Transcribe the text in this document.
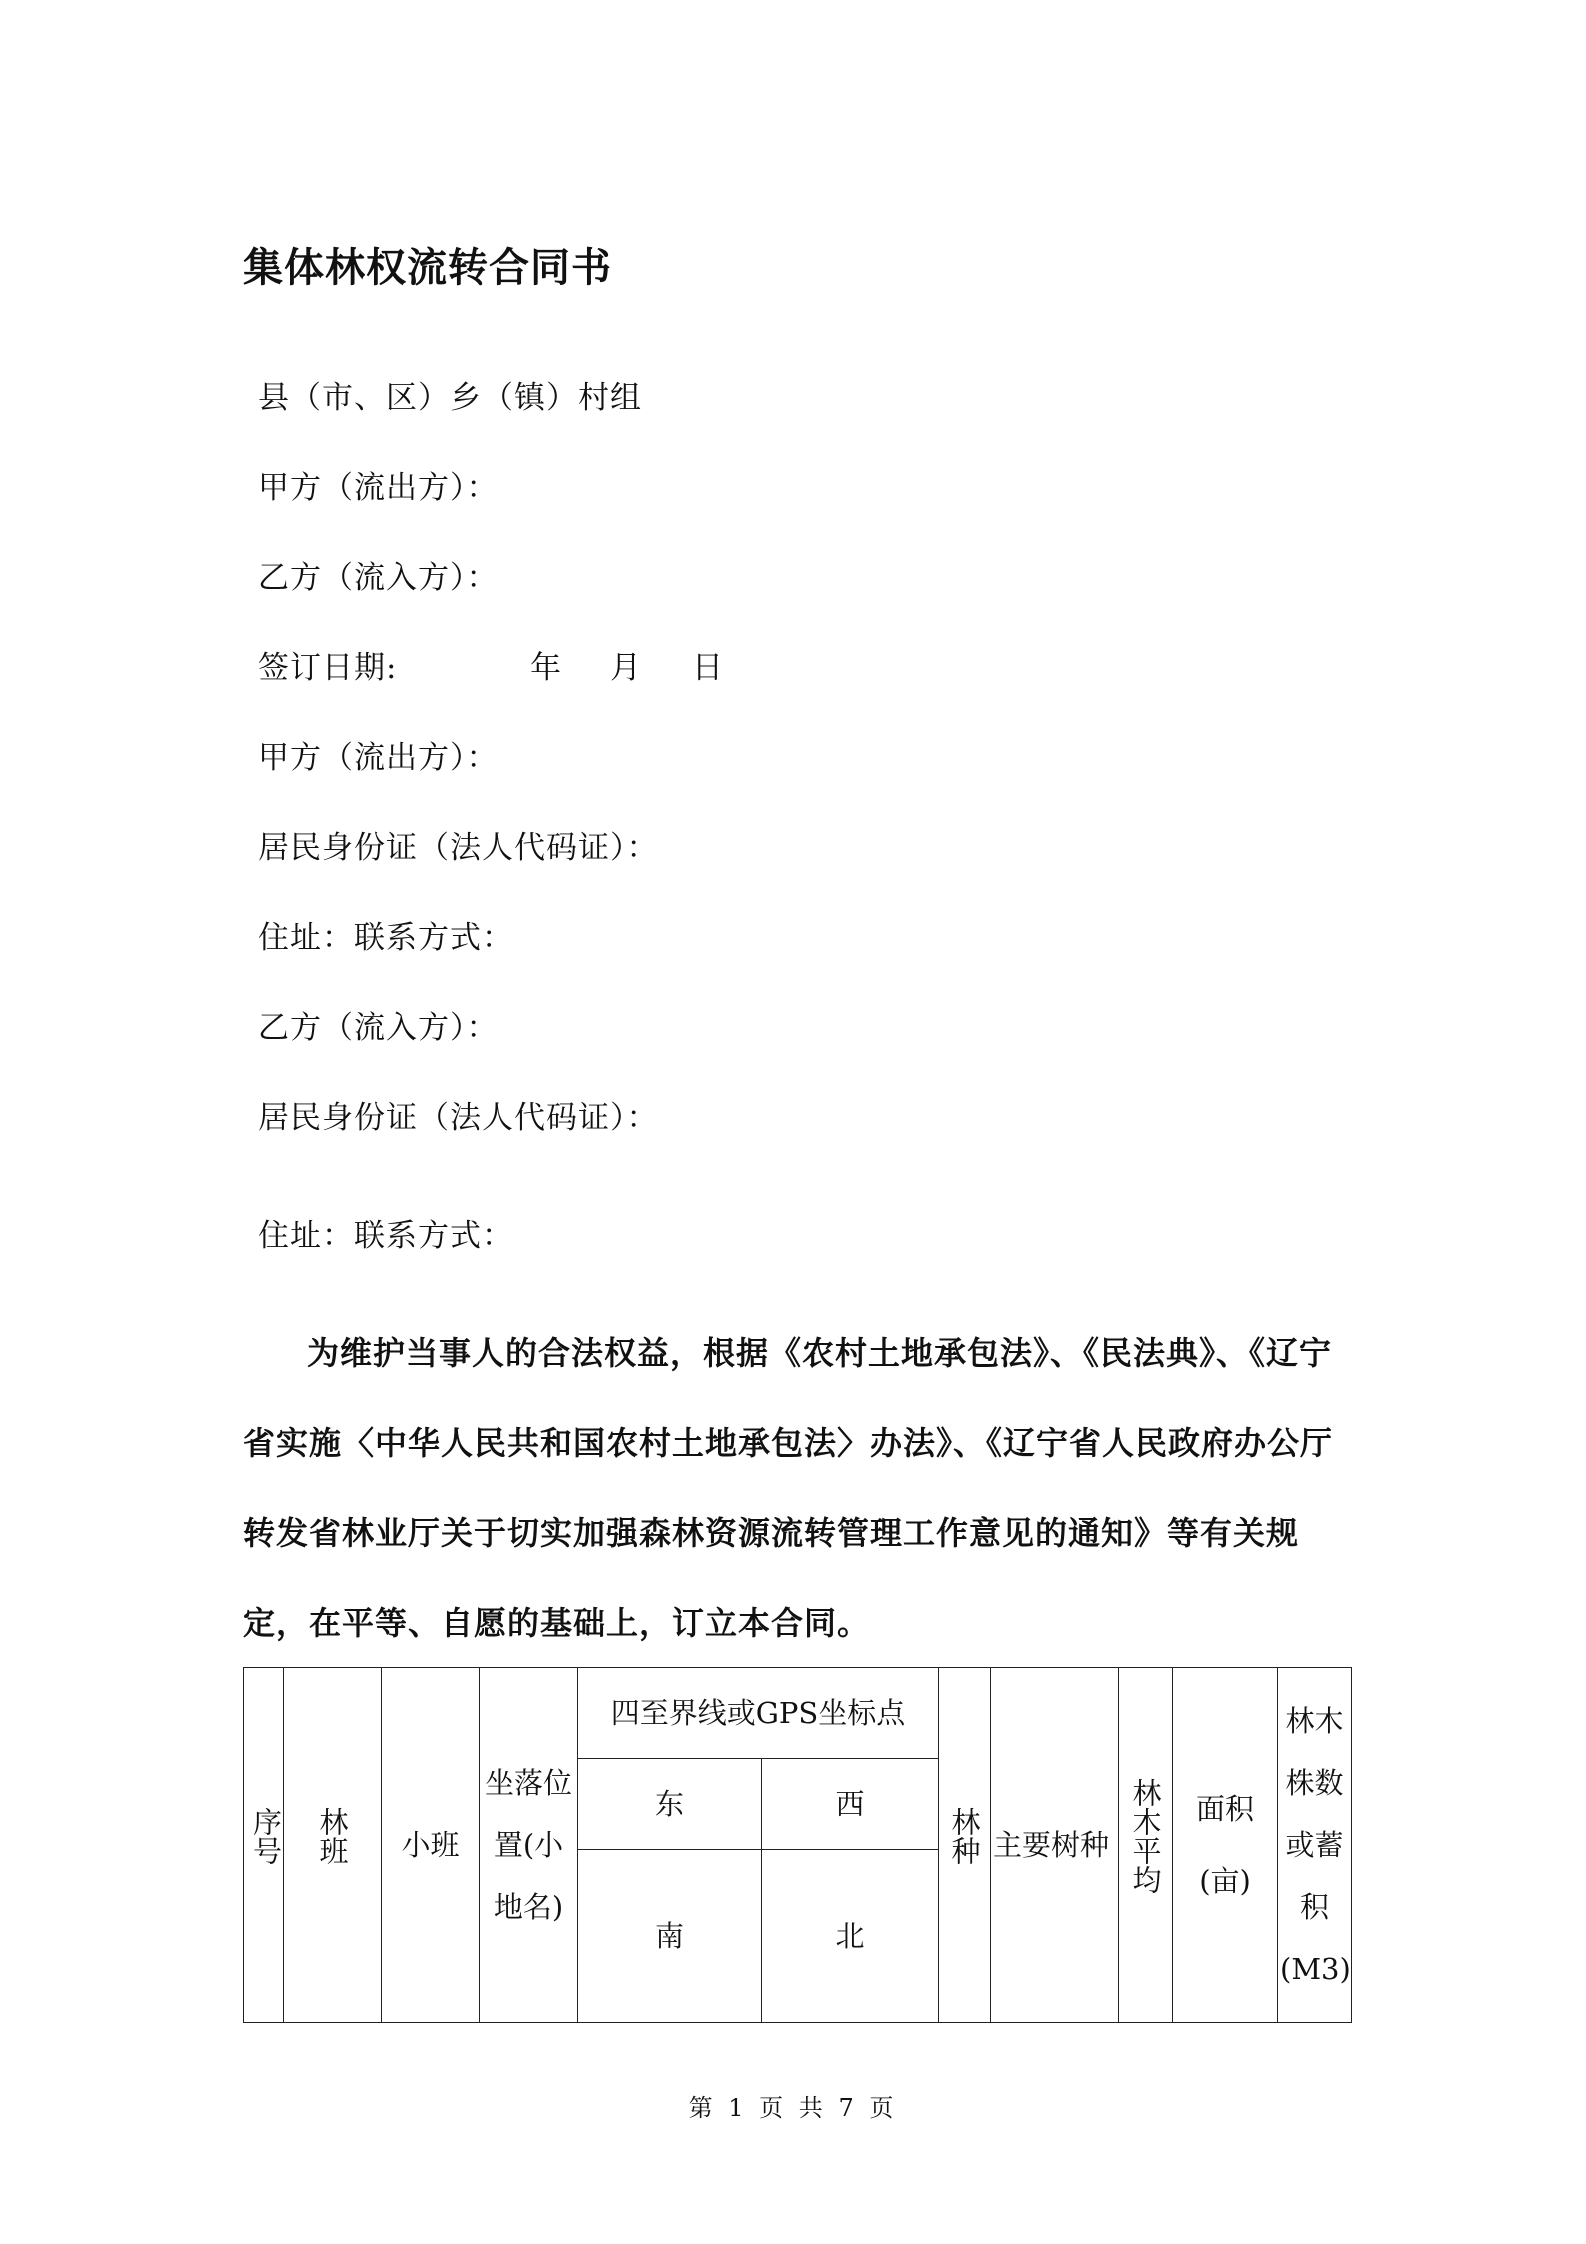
集体林权流转合同书
县（市、区）乡（镇）村组
甲方（流出方）：
乙方（流入方）：
签订日期:	年 月 日
甲方（流出方）：
居民身份证（法人代码证）：
住址：联系方式：
乙方（流入方）：
居民身份证（法人代码证）：
住址：联系方式：

为维护当事人的合法权益，根据《农村土地承包法》、《民法典》、《辽宁省实施〈中华人民共和国农村土地承包法〉办法》、《辽宁省人民政府办公厅转发省林业厅关于切实加强森林资源流转管理工作意见的通知》等有关规定，在平等、自愿的基础上，订立本合同。

序号	林班	小班	坐落位置(小地名)	四至界线或GPS坐标点		林种	主要树种	林木平均	面积(亩)	林木株数或蓄积(M3)
				东	西					
				南	北					
第 1 页 共 7 页
